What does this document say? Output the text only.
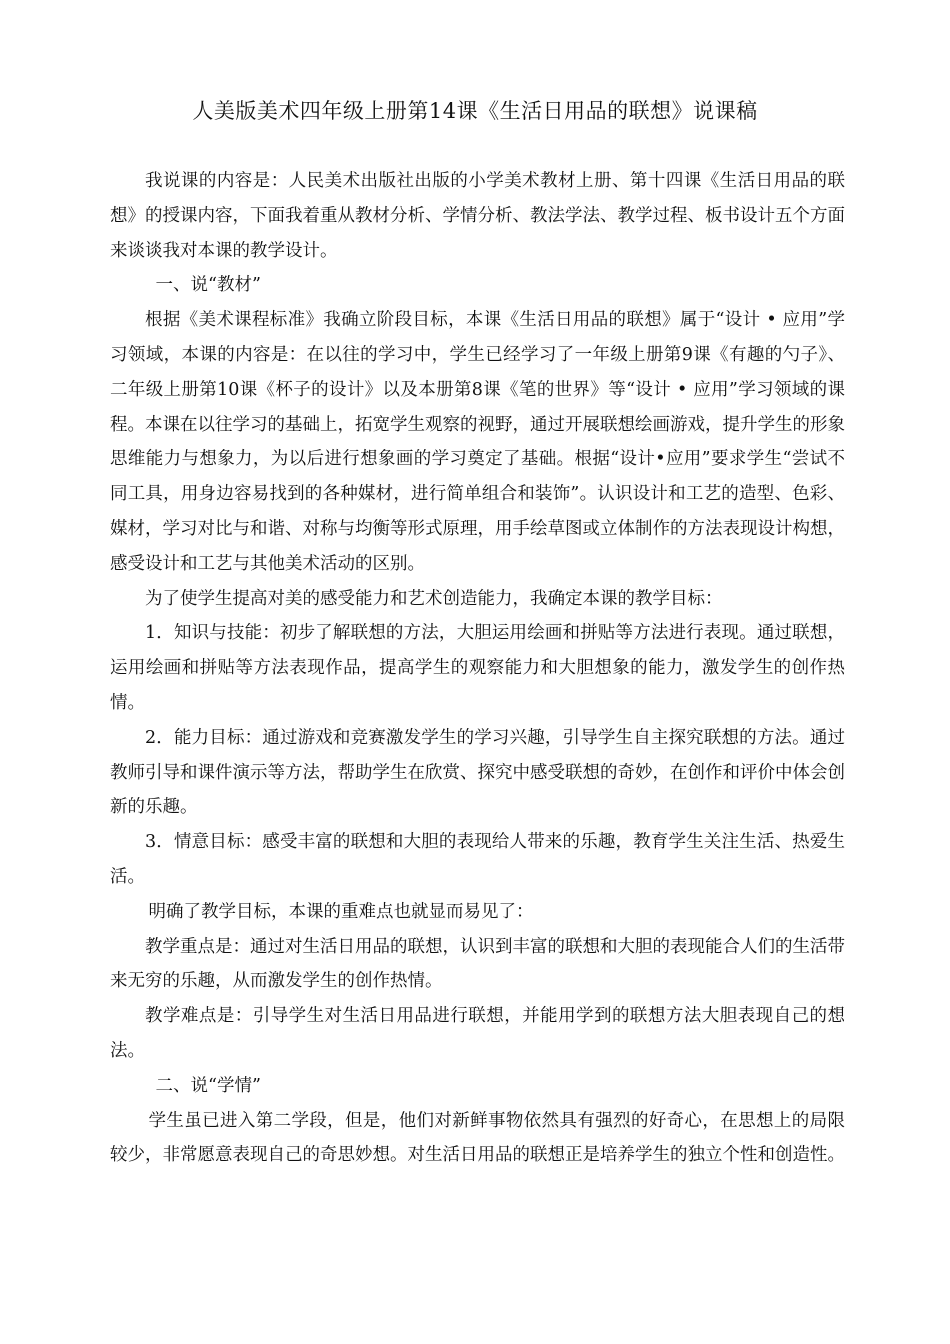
人美版美术四年级上册第14课《生活日用品的联想》说课稿

我说课的内容是：人民美术出版社出版的小学美术教材上册、第十四课《生活日用品的联想》的授课内容，下面我着重从教材分析、学情分析、教法学法、教学过程、板书设计五个方面来谈谈我对本课的教学设计。

一、说“教材”

根据《美术课程标准》我确立阶段目标，本课《生活日用品的联想》属于“设计 • 应用”学习领域，本课的内容是：在以往的学习中，学生已经学习了一年级上册第9课《有趣的勺子》、二年级上册第10课《杯子的设计》以及本册第8课《笔的世界》等“设计 • 应用”学习领域的课程。本课在以往学习的基础上，拓宽学生观察的视野，通过开展联想绘画游戏，提升学生的形象思维能力与想象力，为以后进行想象画的学习奠定了基础。根据“设计•应用”要求学生“尝试不同工具，用身边容易找到的各种媒材，进行简单组合和装饰”。认识设计和工艺的造型、色彩、媒材，学习对比与和谐、对称与均衡等形式原理，用手绘草图或立体制作的方法表现设计构想，感受设计和工艺与其他美术活动的区别。

为了使学生提高对美的感受能力和艺术创造能力，我确定本课的教学目标：

1．知识与技能：初步了解联想的方法，大胆运用绘画和拼贴等方法进行表现。通过联想，运用绘画和拼贴等方法表现作品，提高学生的观察能力和大胆想象的能力，激发学生的创作热情。

2．能力目标：通过游戏和竞赛激发学生的学习兴趣，引导学生自主探究联想的方法。通过教师引导和课件演示等方法，帮助学生在欣赏、探究中感受联想的奇妙，在创作和评价中体会创新的乐趣。

3．情意目标：感受丰富的联想和大胆的表现给人带来的乐趣，教育学生关注生活、热爱生活。

明确了教学目标，本课的重难点也就显而易见了：

教学重点是：通过对生活日用品的联想，认识到丰富的联想和大胆的表现能合人们的生活带来无穷的乐趣，从而激发学生的创作热情。

教学难点是：引导学生对生活日用品进行联想，并能用学到的联想方法大胆表现自己的想法。

二、说“学情”

学生虽已进入第二学段，但是，他们对新鲜事物依然具有强烈的好奇心，在思想上的局限较少，非常愿意表现自己的奇思妙想。对生活日用品的联想正是培养学生的独立个性和创造性。
